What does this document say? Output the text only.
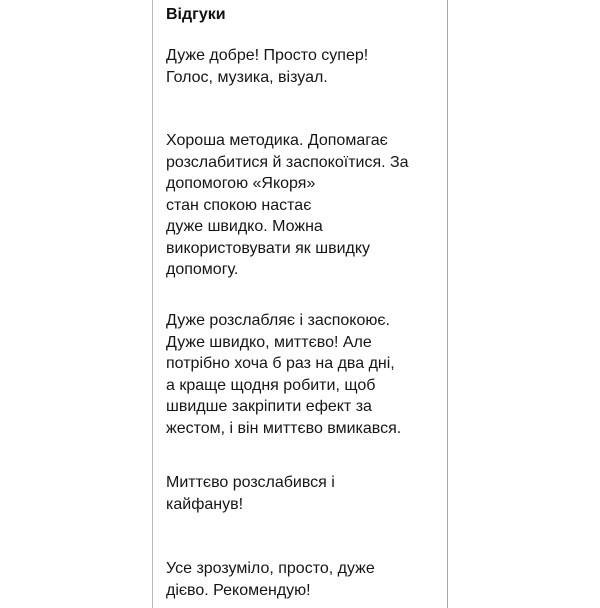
Відгуки
Дуже добре! Просто супер!
Голос, музика, візуал.
Хороша методика. Допомагає
розслабитися й заспокоїтися. За
допомогою «Якоря»
стан спокою настає
дуже швидко. Можна
використовувати як швидку
допомогу.
Дуже розслабляє і заспокоює.
Дуже швидко, миттєво! Але
потрібно хоча б раз на два дні,
а краще щодня робити, щоб
швидше закріпити ефект за
жестом, і він миттєво вмикався.
Миттєво розслабився і
кайфанув!
Усе зрозуміло, просто, дуже
дієво. Рекомендую!
